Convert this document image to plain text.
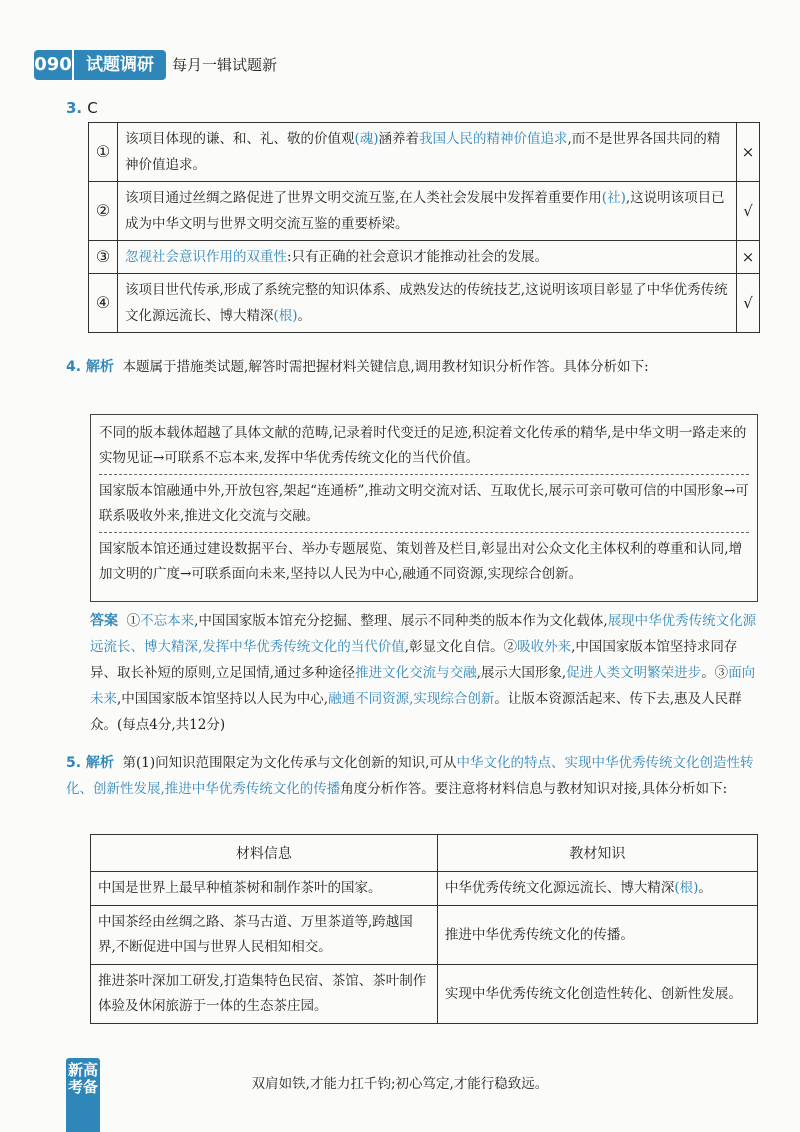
090 试题调研	每月一辑试题新
3. C
①	该项目体现的谦、和、礼、敬的价值观(魂)涵养着我国人民的精神价值追求,而不是世界各国共同的精神价值追求。	×
②	该项目通过丝绸之路促进了世界文明交流互鉴,在人类社会发展中发挥着重要作用(社),这说明该项目已成为中华文明与世界文明交流互鉴的重要桥梁。	√
③	忽视社会意识作用的双重性:只有正确的社会意识才能推动社会的发展。	×
④	该项目世代传承,形成了系统完整的知识体系、成熟发达的传统技艺,这说明该项目彰显了中华优秀传统文化源远流长、博大精深(根)。	√
4. 解析 本题属于措施类试题,解答时需把握材料关键信息,调用教材知识分析作答。具体分析如下:
不同的版本载体超越了具体文献的范畴,记录着时代变迁的足迹,积淀着文化传承的精华,是中华文明一路走来的实物见证→可联系不忘本来,发挥中华优秀传统文化的当代价值。
国家版本馆融通中外,开放包容,架起“连通桥”,推动文明交流对话、互取优长,展示可亲可敬可信的中国形象→可联系吸收外来,推进文化交流与交融。
国家版本馆还通过建设数据平台、举办专题展览、策划普及栏目,彰显出对公众文化主体权利的尊重和认同,增加文明的广度→可联系面向未来,坚持以人民为中心,融通不同资源,实现综合创新。
答案 ①不忘本来,中国国家版本馆充分挖掘、整理、展示不同种类的版本作为文化载体,展现中华优秀传统文化源远流长、博大精深,发挥中华优秀传统文化的当代价值,彰显文化自信。②吸收外来,中国国家版本馆坚持求同存异、取长补短的原则,立足国情,通过多种途径推进文化交流与交融,展示大国形象,促进人类文明繁荣进步。③面向未来,中国国家版本馆坚持以人民为中心,融通不同资源,实现综合创新。让版本资源活起来、传下去,惠及人民群众。(每点4分,共12分)
5. 解析 第(1)问知识范围限定为文化传承与文化创新的知识,可从中华文化的特点、实现中华优秀传统文化创造性转化、创新性发展,推进中华优秀传统文化的传播角度分析作答。要注意将材料信息与教材知识对接,具体分析如下:
材料信息	教材知识
中国是世界上最早种植茶树和制作茶叶的国家。	中华优秀传统文化源远流长、博大精深(根)。
中国茶经由丝绸之路、茶马古道、万里茶道等,跨越国界,不断促进中国与世界人民相知相交。	推进中华优秀传统文化的传播。
推进茶叶深加工研发,打造集特色民宿、茶馆、茶叶制作体验及休闲旅游于一体的生态茶庄园。	实现中华优秀传统文化创造性转化、创新性发展。
新高考备	双肩如铁,才能力扛千钧;初心笃定,才能行稳致远。
